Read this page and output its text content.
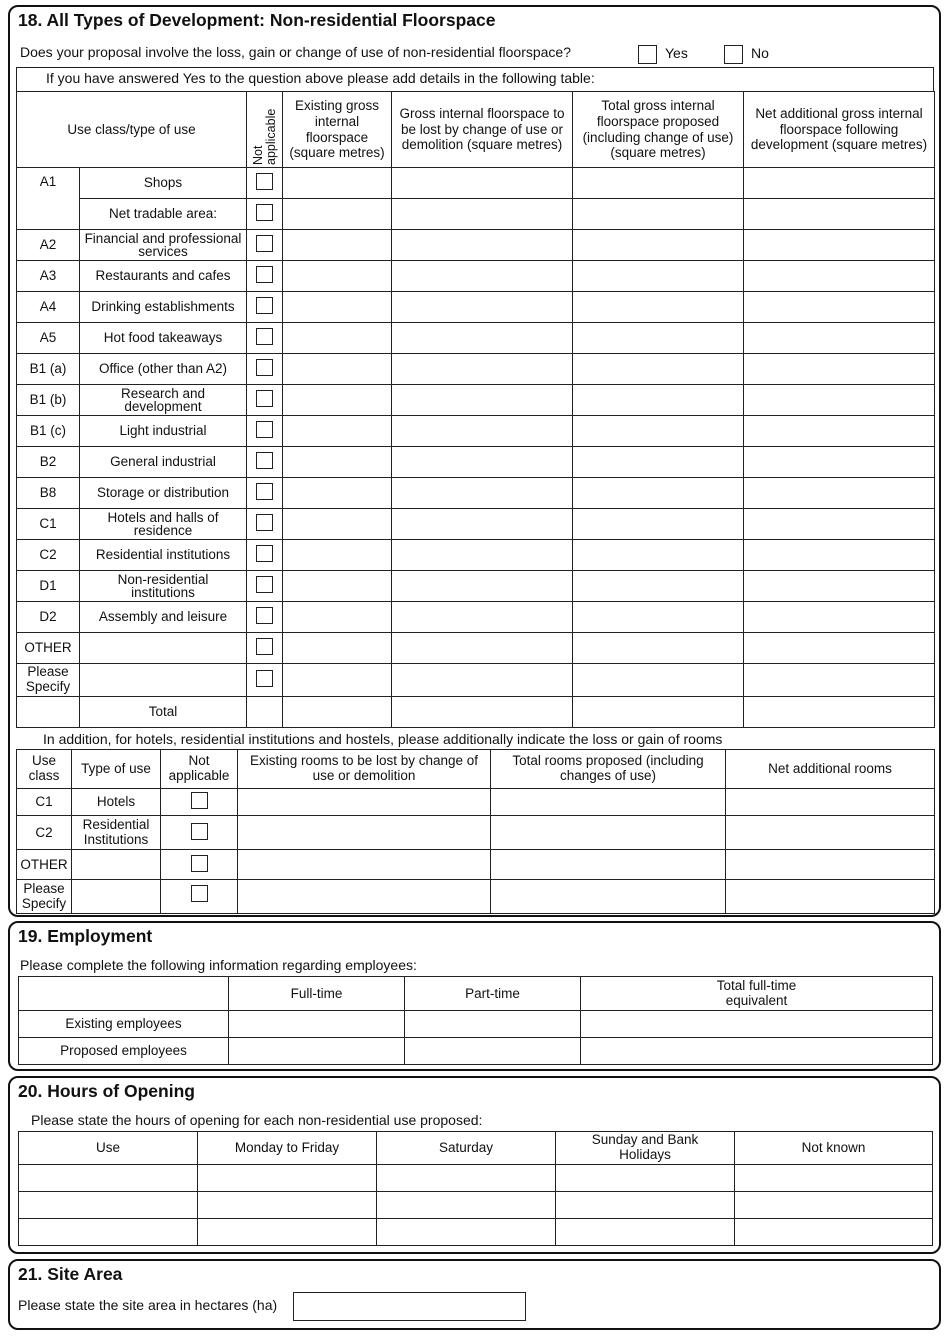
18. All Types of Development: Non-residential Floorspace
Does your proposal involve the loss, gain or change of use of non-residential floorspace?	Yes	No
If you have answered Yes to the question above please add details in the following table:
Use class/type of use		Not applicable	Existing gross internal floorspace (square metres)	Gross internal floorspace to be lost by change of use or demolition (square metres)	Total gross internal floorspace proposed (including change of use)(square metres)	Net additional gross internal floorspace following development (square metres)
A1	Shops					
	Net tradable area:					
A2	Financial and professional services					
A3	Restaurants and cafes					
A4	Drinking establishments					
A5	Hot food takeaways					
B1 (a)	Office (other than A2)					
B1 (b)	Research and development					
B1 (c)	Light industrial					
B2	General industrial					
B8	Storage or distribution					
C1	Hotels and halls of residence					
C2	Residential institutions					
D1	Non-residential institutions					
D2	Assembly and leisure					
OTHER						
Please Specify						
	Total					
In addition, for hotels, residential institutions and hostels, please additionally indicate the loss or gain of rooms
Use class	Type of use	Not applicable	Existing rooms to be lost by change of use or demolition	Total rooms proposed (including changes of use)	Net additional rooms
C1	Hotels				
C2	Residential Institutions				
OTHER					
Please Specify					
19. Employment
Please complete the following information regarding employees:
	Full-time	Part-time	Total full-time equivalent
Existing employees			
Proposed employees			
20. Hours of Opening
Please state the hours of opening for each non-residential use proposed:
Use	Monday to Friday	Saturday	Sunday and Bank Holidays	Not known

21. Site Area
Please state the site area in hectares (ha)
